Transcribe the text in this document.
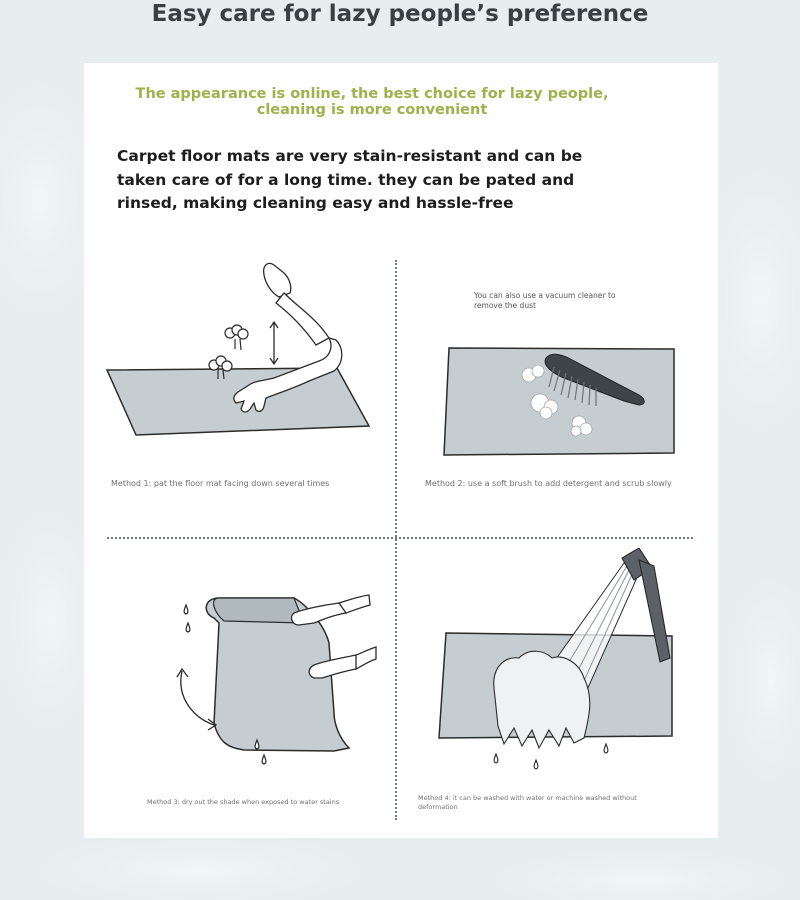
Easy care for lazy people’s preference
The appearance is online, the best choice for lazy people,
cleaning is more convenient
Carpet floor mats are very stain-resistant and can be
taken care of for a long time. they can be pated and
rinsed, making cleaning easy and hassle-free
Method 1: pat the floor mat facing down several times
You can also use a vacuum cleaner to
remove the dust
Method 2: use a soft brush to add detergent and scrub slowly
Method 3: dry out the shade when exposed to water stains	Method 4: it can be washed with water or machine washed without
deformation
